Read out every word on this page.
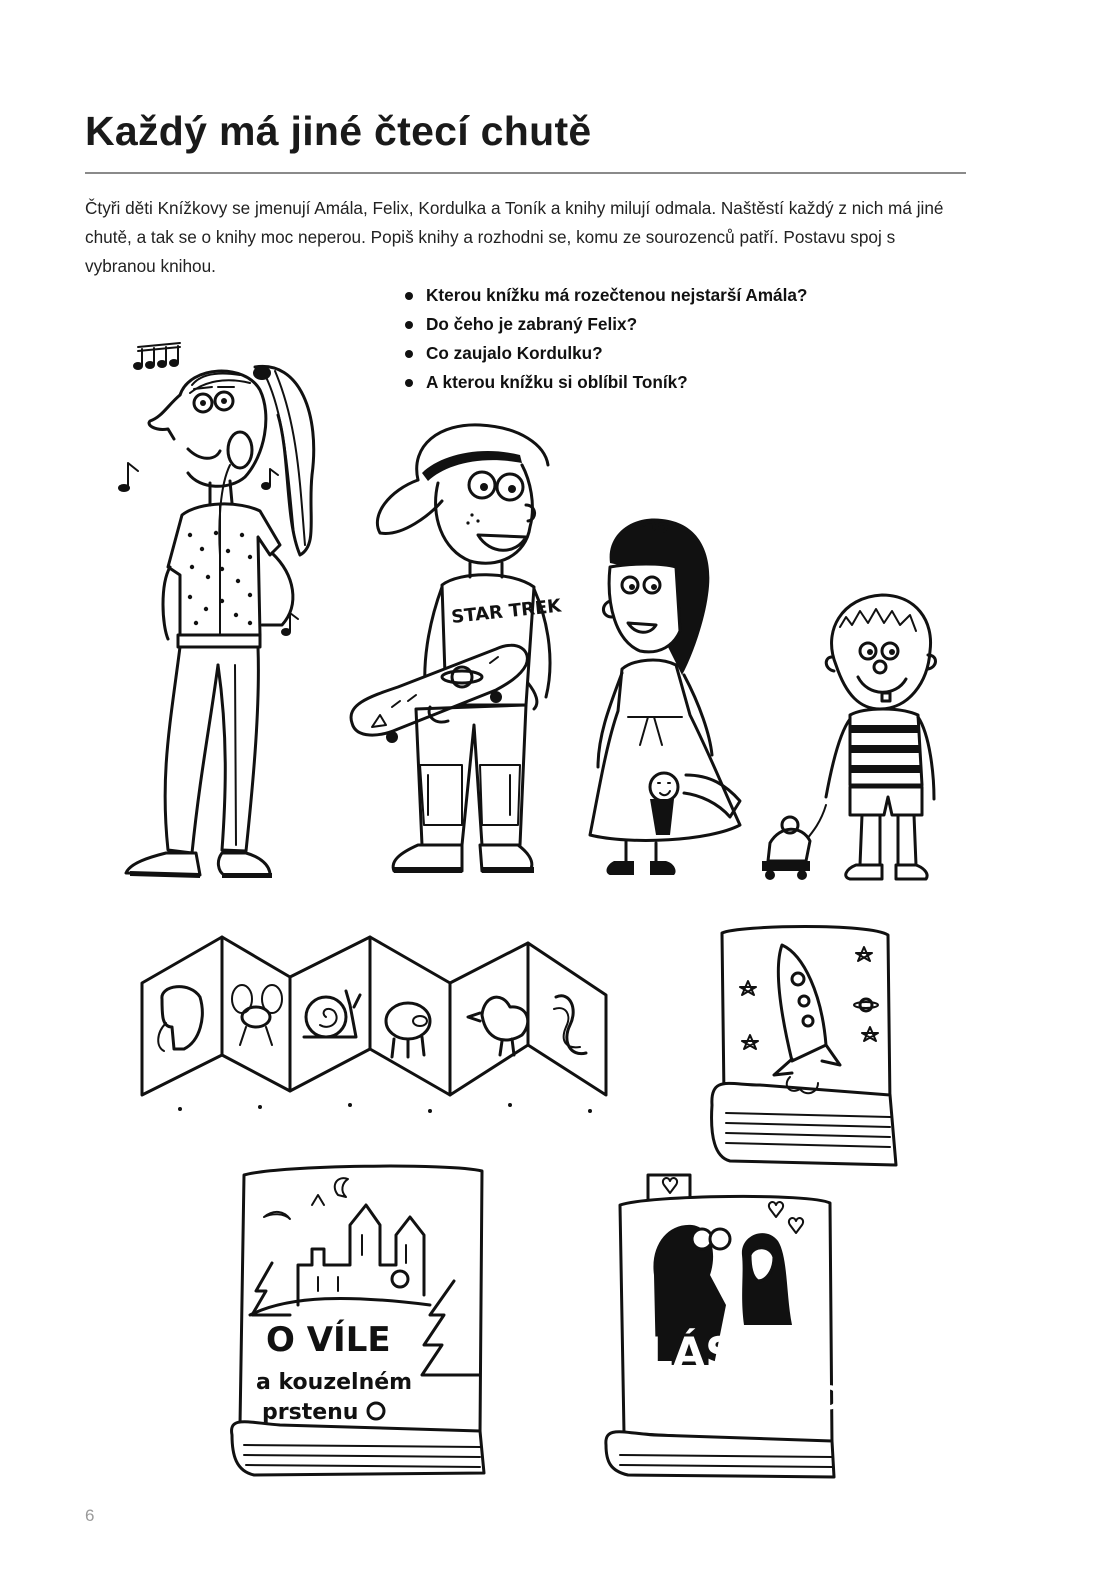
Každý má jiné čtecí chutě

Čtyři děti Knížkovy se jmenují Amála, Felix, Kordulka a Toník a knihy milují odmala. Naštěstí každý z nich má jiné chutě, a tak se o knihy moc neperou. Popiš knihy a rozhodni se, komu ze sourozenců patří. Postavu spoj s vybranou knihou.

Kterou knížku má rozečtenou nejstarší Amála?
Do čeho je zabraný Felix?
Co zaujalo Kordulku?
A kterou knížku si oblíbil Toník?
STAR TREK
O VÍLE
a kouzelném
prstenu
LÁSKA
AŽ ZA HROB
6
